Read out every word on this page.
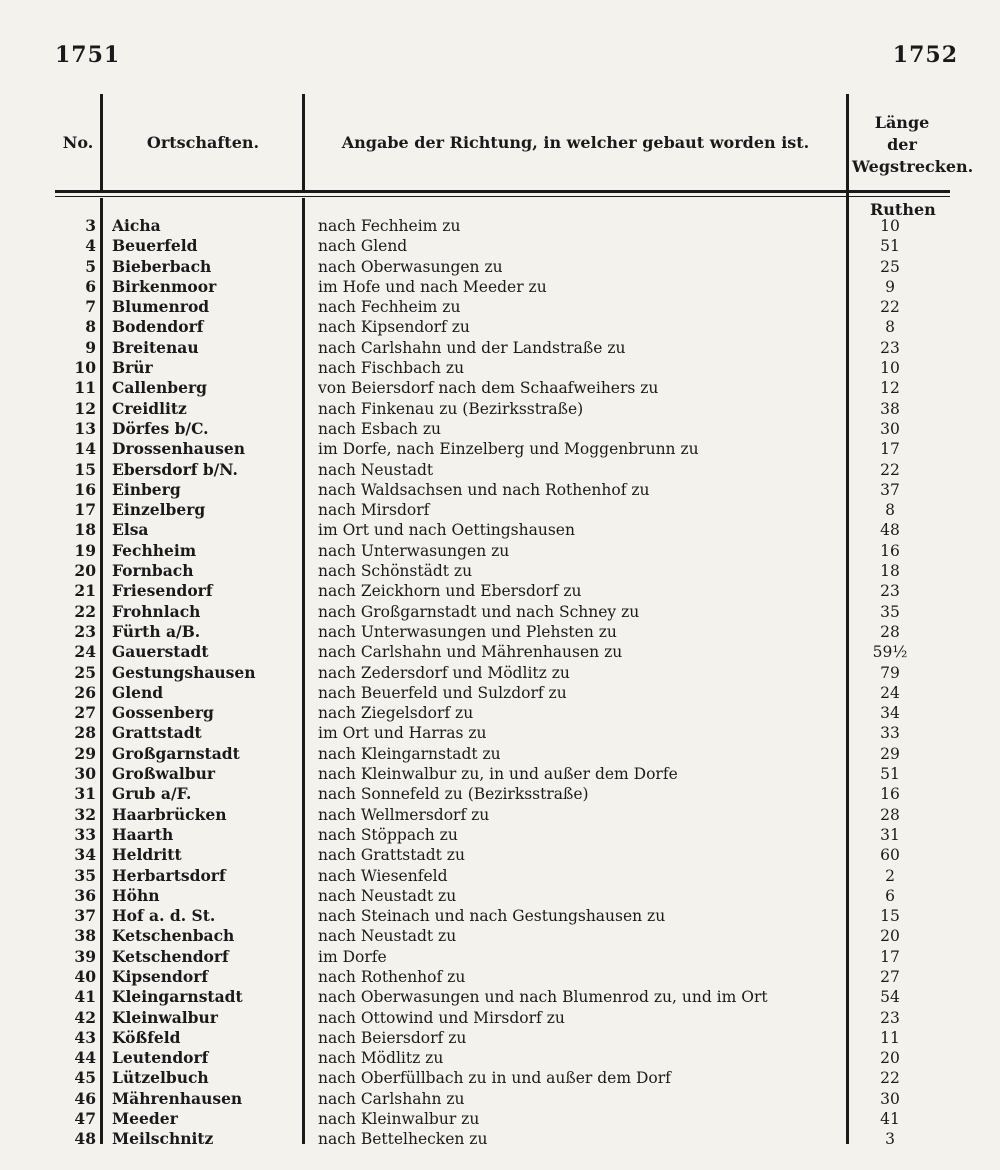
1751	1752
No.	Ortschaften.	Angabe der Richtung, in welcher gebaut worden ist.
Länge
der
Wegstrecken.
Ruthen
3 Aicha	nach Fechheim zu	10
4 Beuerfeld	nach Glend	51
5 Bieberbach	nach Oberwasungen zu	25
6 Birkenmoor	im Hofe und nach Meeder zu	9
7 Blumenrod	nach Fechheim zu	22
8 Bodendorf	nach Kipsendorf zu	8
9 Breitenau	nach Carlshahn und der Landstraße zu	23
10 Brür	nach Fischbach zu	10
11 Callenberg	von Beiersdorf nach dem Schaafweihers zu	12
12 Creidlitz	nach Finkenau zu (Bezirksstraße)	38
13 Dörfes b/C.	nach Esbach zu	30
14 Drossenhausen	im Dorfe, nach Einzelberg und Moggenbrunn zu	17
15 Ebersdorf b/N.	nach Neustadt	22
16 Einberg	nach Waldsachsen und nach Rothenhof zu	37
17 Einzelberg	nach Mirsdorf	8
18 Elsa	im Ort und nach Oettingshausen	48
19 Fechheim	nach Unterwasungen zu	16
20 Fornbach	nach Schönstädt zu	18
21 Friesendorf	nach Zeickhorn und Ebersdorf zu	23
22 Frohnlach	nach Großgarnstadt und nach Schney zu	35
23 Fürth a/B.	nach Unterwasungen und Plehsten zu	28
24 Gauerstadt	nach Carlshahn und Mährenhausen zu	59½
25 Gestungshausen	nach Zedersdorf und Mödlitz zu	79
26 Glend	nach Beuerfeld und Sulzdorf zu	24
27 Gossenberg	nach Ziegelsdorf zu	34
28 Grattstadt	im Ort und Harras zu	33
29 Großgarnstadt	nach Kleingarnstadt zu	29
30 Großwalbur	nach Kleinwalbur zu, in und außer dem Dorfe	51
31 Grub a/F.	nach Sonnefeld zu (Bezirksstraße)	16
32 Haarbrücken	nach Wellmersdorf zu	28
33 Haarth	nach Stöppach zu	31
34 Heldritt	nach Grattstadt zu	60
35 Herbartsdorf	nach Wiesenfeld	2
36 Höhn	nach Neustadt zu	6
37 Hof a. d. St.	nach Steinach und nach Gestungshausen zu	15
38 Ketschenbach	nach Neustadt zu	20
39 Ketschendorf	im Dorfe	17
40 Kipsendorf	nach Rothenhof zu	27
41 Kleingarnstadt	nach Oberwasungen und nach Blumenrod zu, und im Ort	54
42 Kleinwalbur	nach Ottowind und Mirsdorf zu	23
43 Kößfeld	nach Beiersdorf zu	11
44 Leutendorf	nach Mödlitz zu	20
45 Lützelbuch	nach Oberfüllbach zu in und außer dem Dorf	22
46 Mährenhausen	nach Carlshahn zu	30
47 Meeder	nach Kleinwalbur zu	41
48 Meilschnitz	nach Bettelhecken zu	3
